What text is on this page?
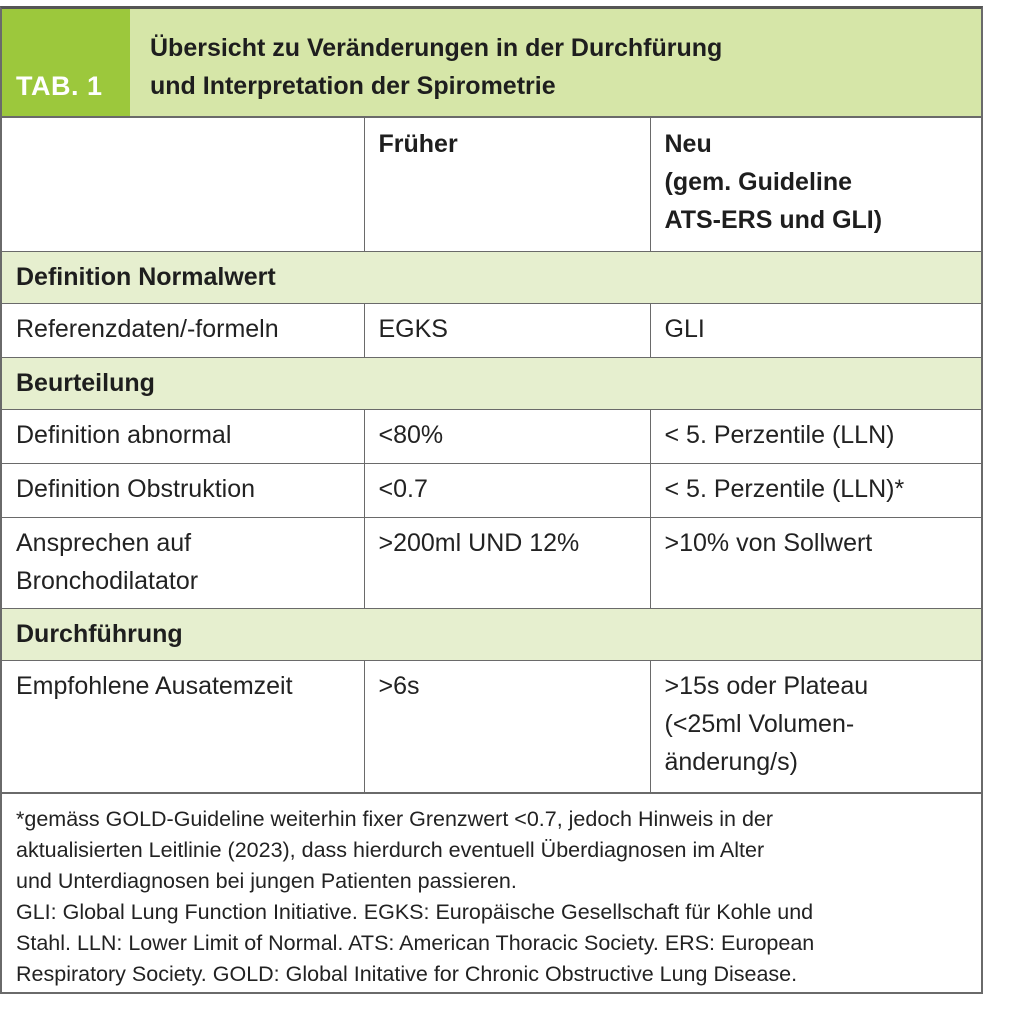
TAB. 1
Übersicht zu Veränderungen in der Durchfürung
und Interpretation der Spirometrie
	Früher	Neu
(gem. Guideline
ATS-ERS und GLI)

Definition Normalwert		
Referenzdaten/-formeln	EGKS	GLI
Beurteilung		
Definition abnormal	<80%	< 5. Perzentile (LLN)
Definition Obstruktion	<0.7	< 5. Perzentile (LLN)*

Ansprechen auf
Bronchodilatator	>200ml UND 12%	>10% von Sollwert
Durchführung		
Empfohlene Ausatemzeit	>6s	>15s oder Plateau
(<25ml Volumen-
änderung/s)
*gemäss GOLD-Guideline weiterhin fixer Grenzwert <0.7, jedoch Hinweis in der
aktualisierten Leitlinie (2023), dass hierdurch eventuell Überdiagnosen im Alter
und Unterdiagnosen bei jungen Patienten passieren.
GLI: Global Lung Function Initiative. EGKS: Europäische Gesellschaft für Kohle und
Stahl. LLN: Lower Limit of Normal. ATS: American Thoracic Society. ERS: European
Respiratory Society. GOLD: Global Initative for Chronic Obstructive Lung Disease.
